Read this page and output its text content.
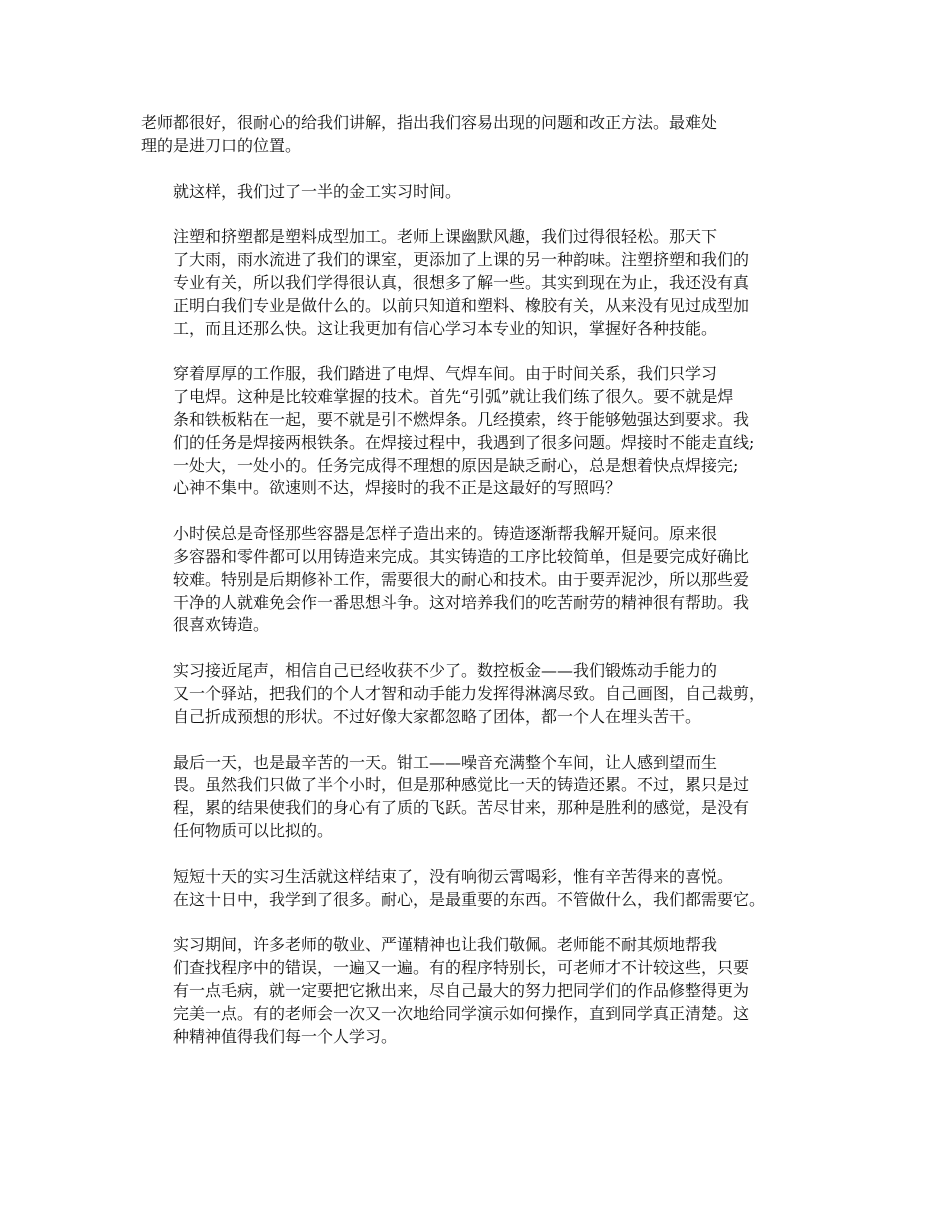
老师都很好，很耐心的给我们讲解，指出我们容易出现的问题和改正方法。最难处
理的是进刀口的位置。

就这样，我们过了一半的金工实习时间。

注塑和挤塑都是塑料成型加工。老师上课幽默风趣，我们过得很轻松。那天下
了大雨，雨水流进了我们的课室，更添加了上课的另一种韵味。注塑挤塑和我们的
专业有关，所以我们学得很认真，很想多了解一些。其实到现在为止，我还没有真
正明白我们专业是做什么的。以前只知道和塑料、橡胶有关，从来没有见过成型加
工，而且还那么快。这让我更加有信心学习本专业的知识，掌握好各种技能。

穿着厚厚的工作服，我们踏进了电焊、气焊车间。由于时间关系，我们只学习
了电焊。这种是比较难掌握的技术。首先“引弧”就让我们练了很久。要不就是焊
条和铁板粘在一起，要不就是引不燃焊条。几经摸索，终于能够勉强达到要求。我
们的任务是焊接两根铁条。在焊接过程中，我遇到了很多问题。焊接时不能走直线;
一处大，一处小的。任务完成得不理想的原因是缺乏耐心，总是想着快点焊接完;
心神不集中。欲速则不达，焊接时的我不正是这最好的写照吗？

小时侯总是奇怪那些容器是怎样子造出来的。铸造逐渐帮我解开疑问。原来很
多容器和零件都可以用铸造来完成。其实铸造的工序比较简单，但是要完成好确比
较难。特别是后期修补工作，需要很大的耐心和技术。由于要弄泥沙，所以那些爱
干净的人就难免会作一番思想斗争。这对培养我们的吃苦耐劳的精神很有帮助。我
很喜欢铸造。

实习接近尾声，相信自己已经收获不少了。数控板金——我们锻炼动手能力的
又一个驿站，把我们的个人才智和动手能力发挥得淋漓尽致。自己画图，自己裁剪，
自己折成预想的形状。不过好像大家都忽略了团体，都一个人在埋头苦干。

最后一天，也是最辛苦的一天。钳工——噪音充满整个车间，让人感到望而生
畏。虽然我们只做了半个小时，但是那种感觉比一天的铸造还累。不过，累只是过
程，累的结果使我们的身心有了质的飞跃。苦尽甘来，那种是胜利的感觉，是没有
任何物质可以比拟的。

短短十天的实习生活就这样结束了，没有响彻云霄喝彩，惟有辛苦得来的喜悦。
在这十日中，我学到了很多。耐心，是最重要的东西。不管做什么，我们都需要它。

实习期间，许多老师的敬业、严谨精神也让我们敬佩。老师能不耐其烦地帮我
们查找程序中的错误，一遍又一遍。有的程序特别长，可老师才不计较这些，只要
有一点毛病，就一定要把它揪出来，尽自己最大的努力把同学们的作品修整得更为
完美一点。有的老师会一次又一次地给同学演示如何操作，直到同学真正清楚。这
种精神值得我们每一个人学习。
